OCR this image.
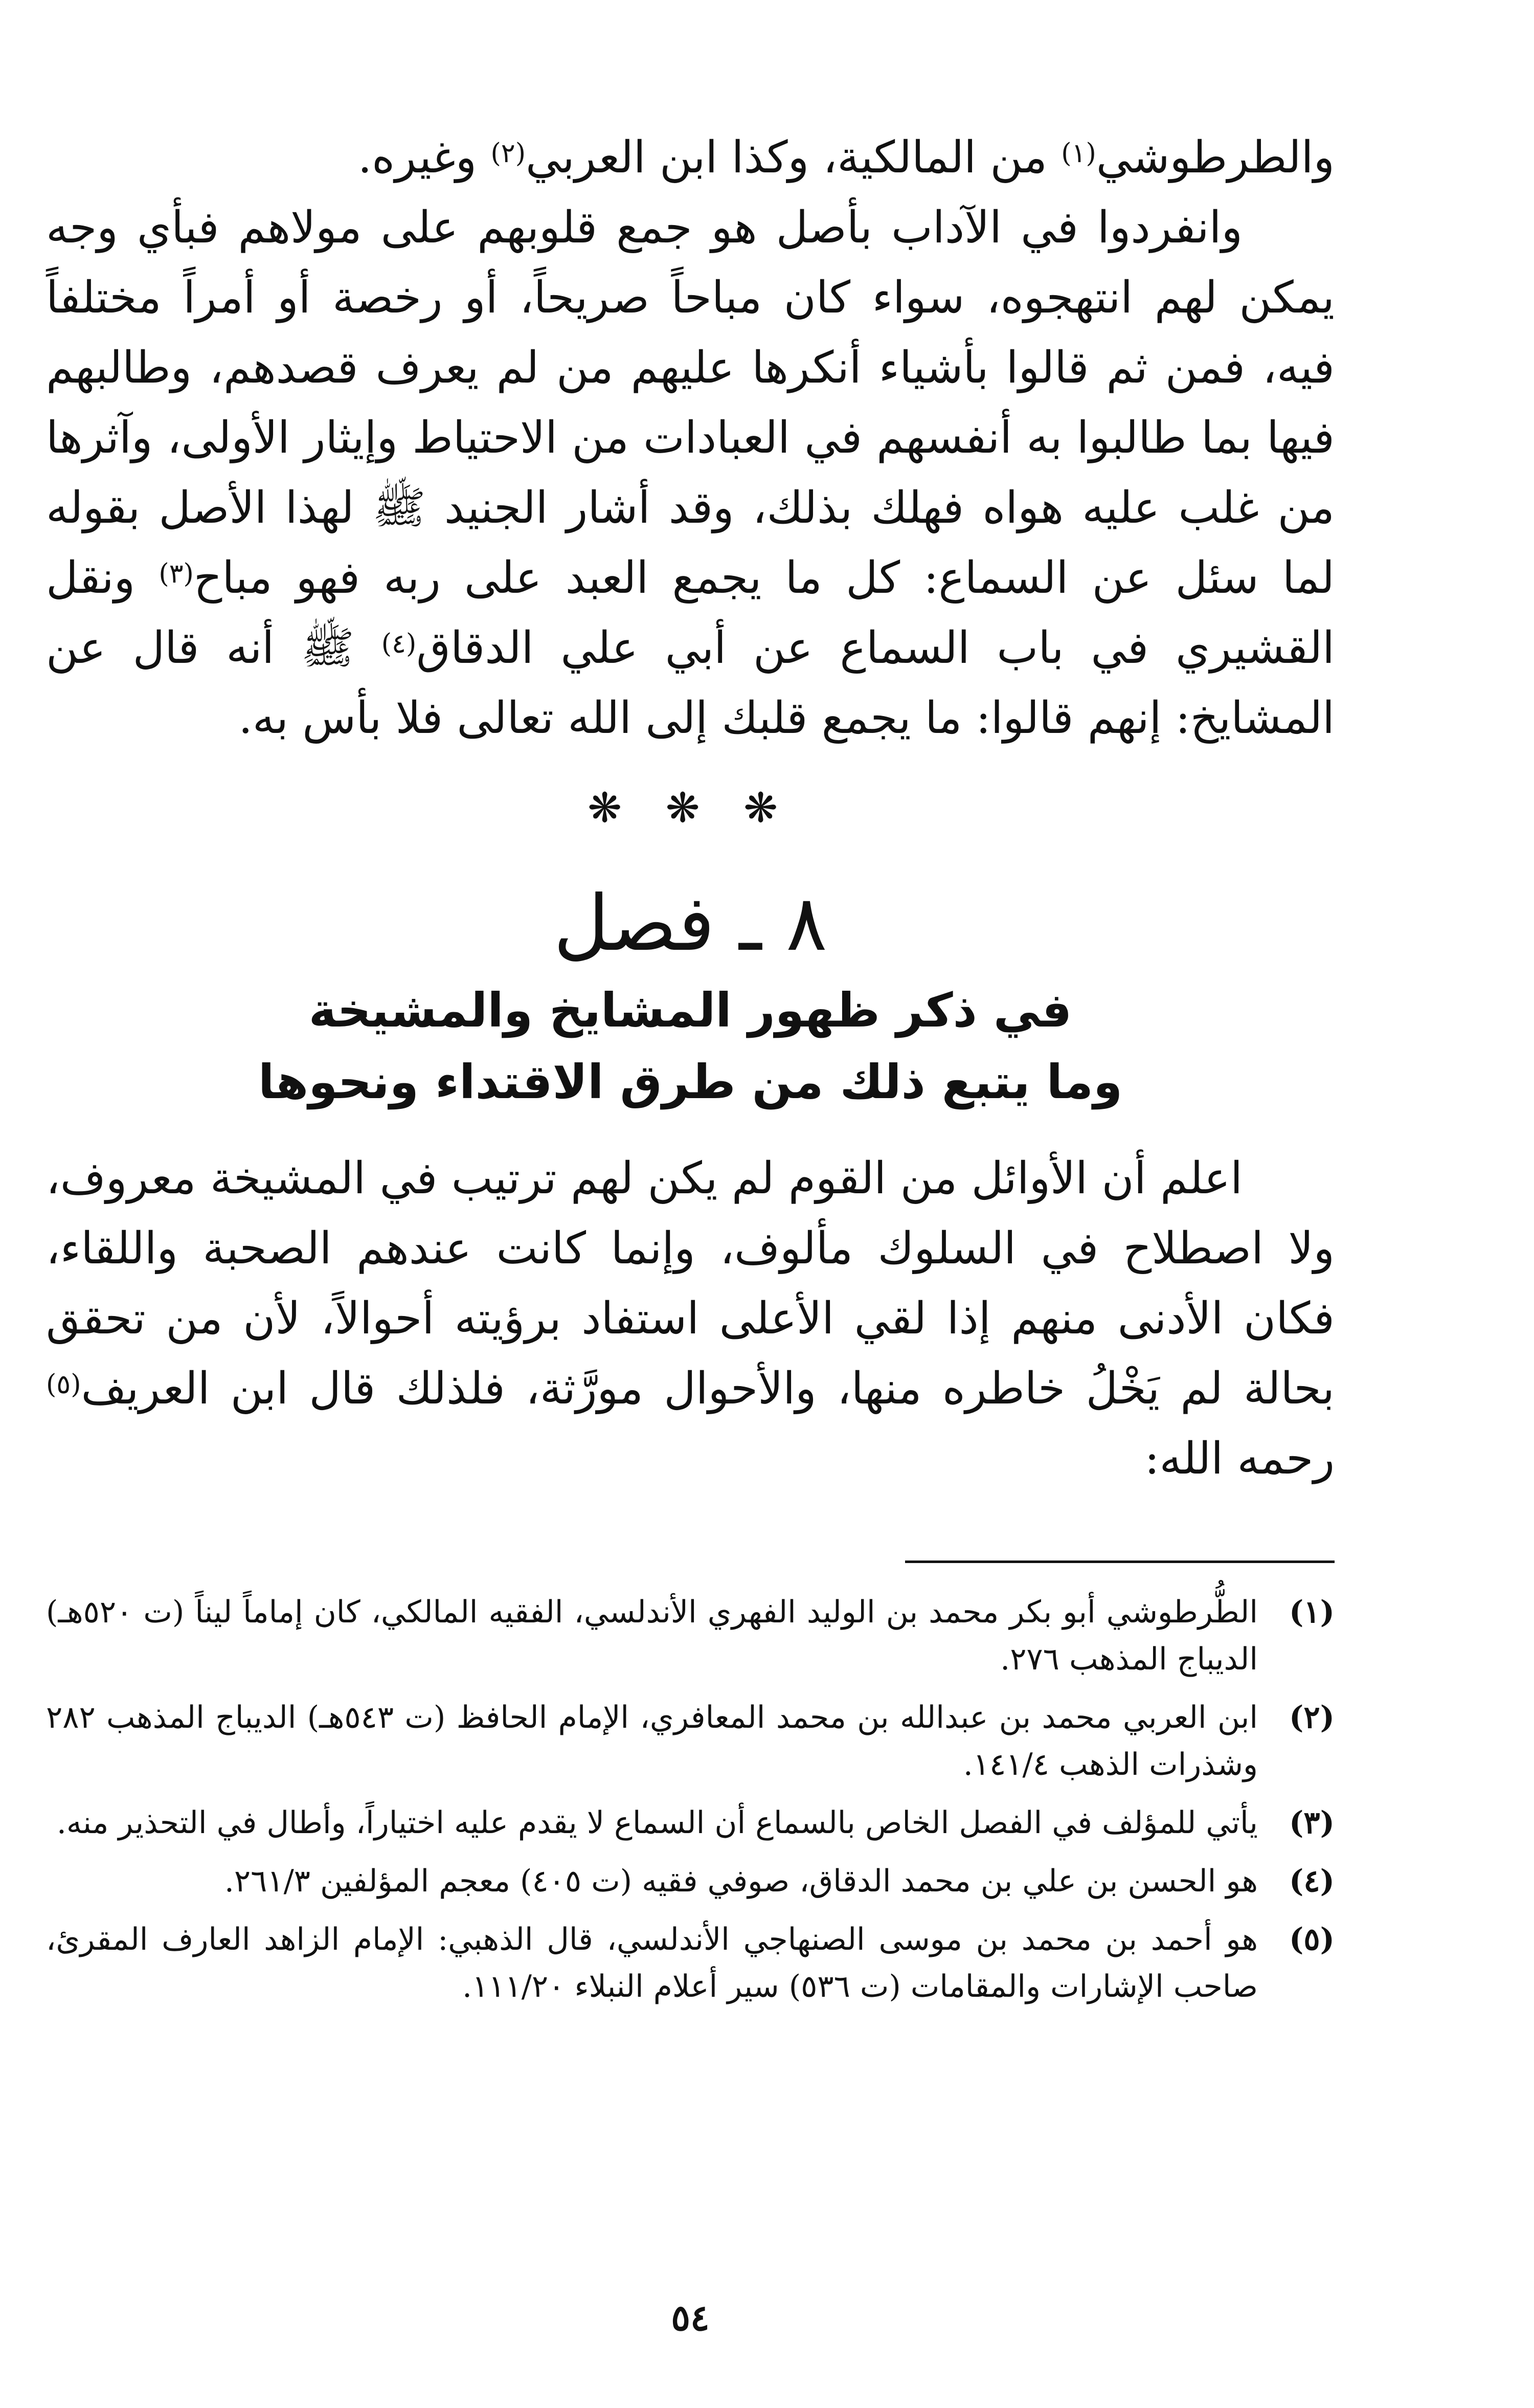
والطرطوشي$^{(١)}$ من المالكية، وكذا ابن العربي$^{(٢)}$ وغيره.

وانفردوا في الآداب بأصل هو جمع قلوبهم على مولاهم فبأي وجه يمكن لهم انتهجوه، سواء كان مباحاً صريحاً، أو رخصة أو أمراً مختلفاً فيه، فمن ثم قالوا بأشياء أنكرها عليهم من لم يعرف قصدهم، وطالبهم فيها بما طالبوا به أنفسهم في العبادات من الاحتياط وإيثار الأولى، وآثرها من غلب عليه هواه فهلك بذلك، وقد أشار الجنيد ﷺ لهذا الأصل بقوله لما سئل عن السماع: كل ما يجمع العبد على ربه فهو مباح$^{(٣)}$ ونقل القشيري في باب السماع عن أبي علي الدقاق$^{(٤)}$ ﷺ أنه قال عن المشايخ: إنهم قالوا: ما يجمع قلبك إلى الله تعالى فلا بأس به.

❋ ❋ ❋
٨ ـ فصل

في ذكر ظهور المشايخ والمشيخة

وما يتبع ذلك من طرق الاقتداء ونحوها

اعلم أن الأوائل من القوم لم يكن لهم ترتيب في المشيخة معروف، ولا اصطلاح في السلوك مألوف، وإنما كانت عندهم الصحبة واللقاء، فكان الأدنى منهم إذا لقي الأعلى استفاد برؤيته أحوالاً، لأن من تحقق بحالة لم يَخْلُ خاطره منها، والأحوال مورَّثة، فلذلك قال ابن العريف$^{(٥)}$ رحمه الله:

(١)
الطُّرطوشي أبو بكر محمد بن الوليد الفهري الأندلسي، الفقيه المالكي، كان إماماً ليناً (ت ٥٢٠هـ) الديباج المذهب ٢٧٦.
(٢)
ابن العربي محمد بن عبدالله بن محمد المعافري، الإمام الحافظ (ت ٥٤٣هـ) الديباج المذهب ٢٨٢ وشذرات الذهب ١٤١/٤.
(٣)
يأتي للمؤلف في الفصل الخاص بالسماع أن السماع لا يقدم عليه اختياراً، وأطال في التحذير منه.
(٤)
هو الحسن بن علي بن محمد الدقاق، صوفي فقيه (ت ٤٠٥) معجم المؤلفين ٢٦١/٣.
(٥)
هو أحمد بن محمد بن موسى الصنهاجي الأندلسي، قال الذهبي: الإمام الزاهد العارف المقرئ، صاحب الإشارات والمقامات (ت ٥٣٦) سير أعلام النبلاء ١١١/٢٠.
٥٤
